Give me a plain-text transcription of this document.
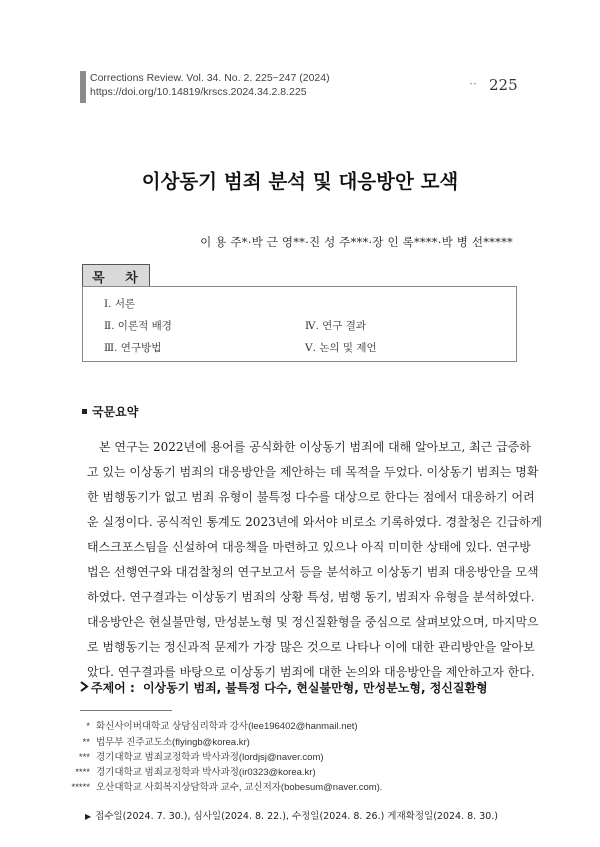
Corrections Review. Vol. 34. No. 2. 225~247 (2024)
https://doi.org/10.14819/krscs.2024.34.2.8.225
• • 225
이상동기 범죄 분석 및 대응방안 모색
이 용 주*·박 근 영**·진 성 주***·장 인 록****·박 병 선*****
목 차
Ⅰ. 서론
Ⅱ. 이론적 배경
Ⅲ. 연구방법
Ⅳ. 연구 결과
Ⅴ. 논의 및 제언
국문요약
본 연구는 2022년에 용어를 공식화한 이상동기 범죄에 대해 알아보고, 최근 급증하
고 있는 이상동기 범죄의 대응방안을 제안하는 데 목적을 두었다. 이상동기 범죄는 명확
한 범행동기가 없고 범죄 유형이 불특정 다수를 대상으로 한다는 점에서 대응하기 어려
운 실정이다. 공식적인 통계도 2023년에 와서야 비로소 기록하였다. 경찰청은 긴급하게
태스크포스팀을 신설하여 대응책을 마련하고 있으나 아직 미미한 상태에 있다. 연구방
법은 선행연구와 대검찰청의 연구보고서 등을 분석하고 이상동기 범죄 대응방안을 모색
하였다. 연구결과는 이상동기 범죄의 상황 특성, 범행 동기, 범죄자 유형을 분석하였다.
대응방안은 현실불만형, 만성분노형 및 정신질환형을 중심으로 살펴보았으며, 마지막으
로 범행동기는 정신과적 문제가 가장 많은 것으로 나타나 이에 대한 관리방안을 알아보
았다. 연구결과를 바탕으로 이상동기 범죄에 대한 논의와 대응방안을 제안하고자 한다.
주제어 : 이상동기 범죄, 불특정 다수, 현실불만형, 만성분노형, 정신질환형
* 화신사이버대학교 상담심리학과 강사(lee196402@hanmail.net)
** 법무부 진주교도소(flyingb@korea.kr)
*** 경기대학교 범죄교정학과 박사과정(lordjsj@naver.com)
**** 경기대학교 범죄교정학과 박사과정(ir0323@korea.kr)
***** 오산대학교 사회복지상담학과 교수, 교신저자(bobesum@naver.com).
▶ 접수일(2024. 7. 30.), 심사일(2024. 8. 22.), 수정일(2024. 8. 26.) 게재확정일(2024. 8. 30.)
